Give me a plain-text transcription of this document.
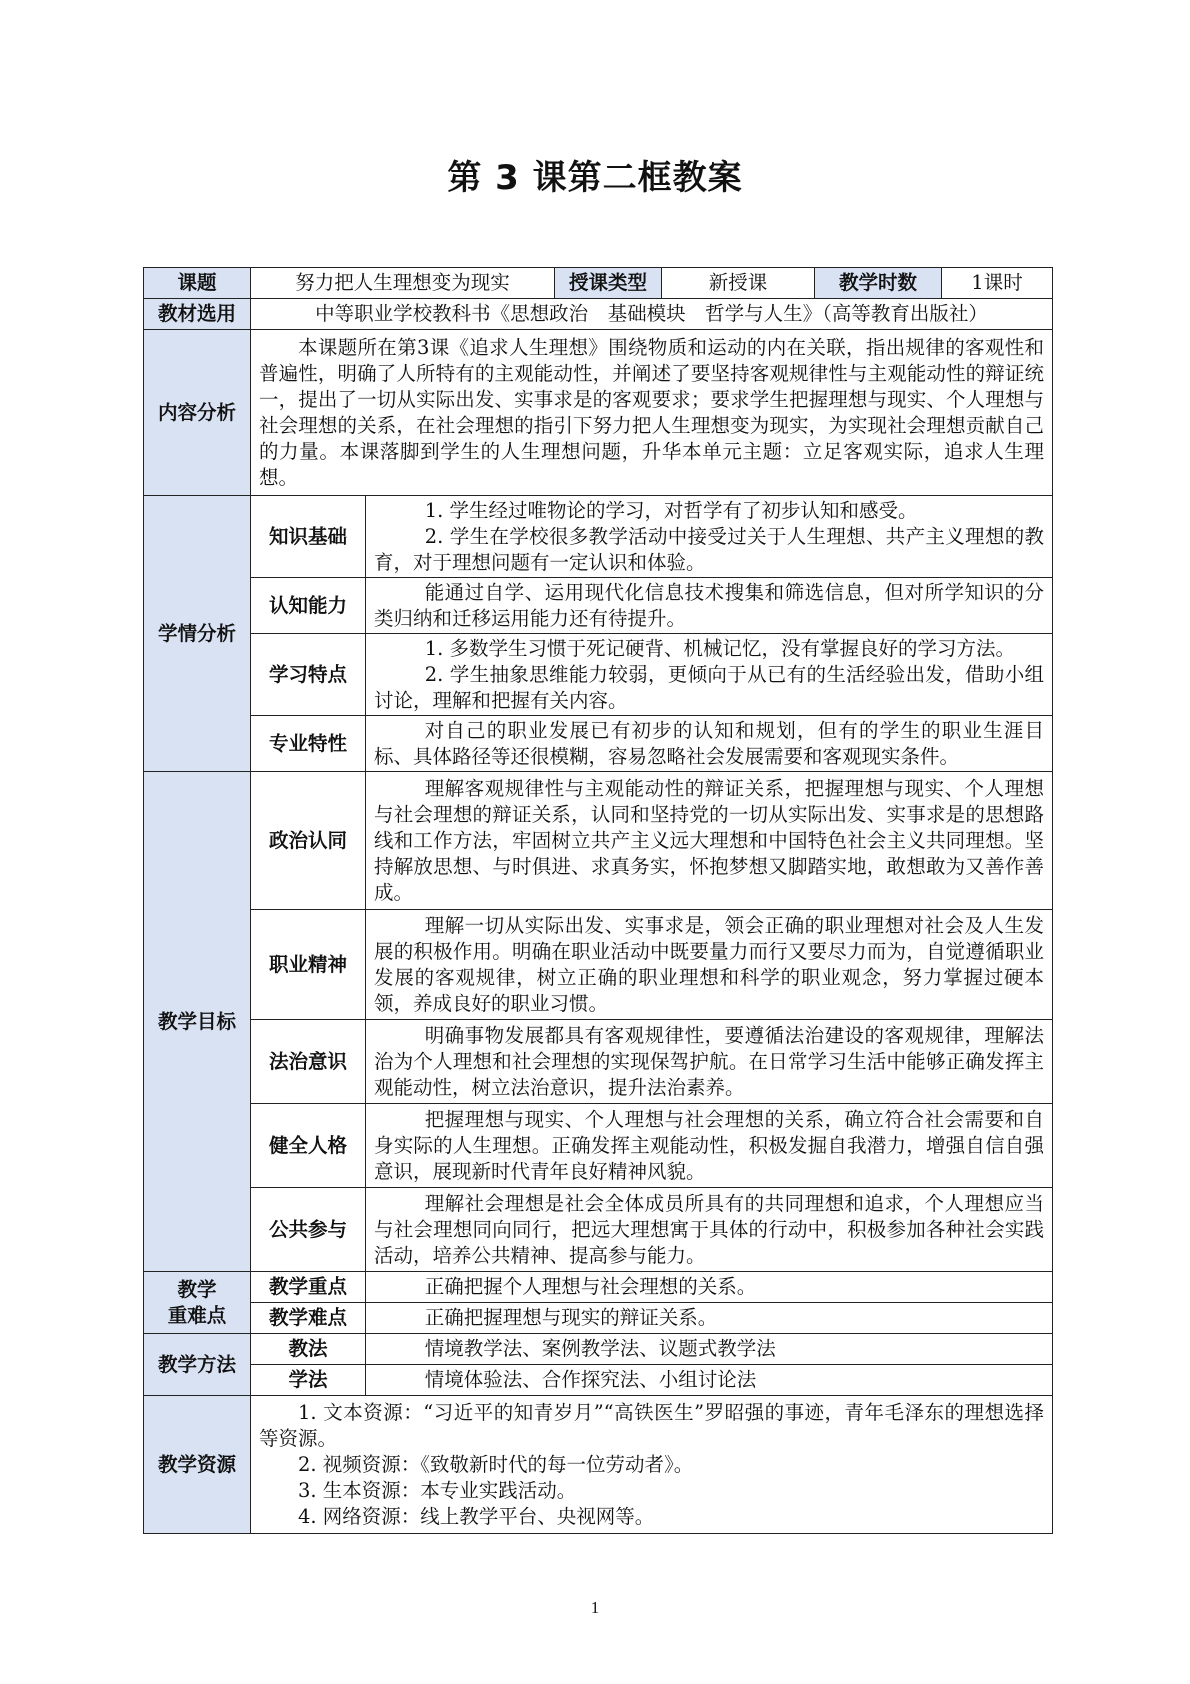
第 3 课第二框教案
课题	努力把人生理想变为现实		授课类型	新授课	教学时数	1课时
教材选用	中等职业学校教科书《思想政治　基础模块　哲学与人生》（高等教育出版社）					
内容分析	本课题所在第3课《追求人生理想》围绕物质和运动的内在关联，指出规律的客观性和普遍性，明确了人所特有的主观能动性，并阐述了要坚持客观规律性与主观能动性的辩证统一，提出了一切从实际出发、实事求是的客观要求；要求学生把握理想与现实、个人理想与社会理想的关系，在社会理想的指引下努力把人生理想变为现实，为实现社会理想贡献自己的力量。本课落脚到学生的人生理想问题，升华本单元主题：立足客观实际，追求人生理想。					

学情分析	知识基础	1. 学生经过唯物论的学习，对哲学有了初步认知和感受。

2. 学生在学校很多教学活动中接受过关于人生理想、共产主义理想的教育，对于理想问题有一定认识和体验。				

	认知能力	能通过自学、运用现代化信息技术搜集和筛选信息，但对所学知识的分类归纳和迁移运用能力还有待提升。				

	学习特点	1. 多数学生习惯于死记硬背、机械记忆，没有掌握良好的学习方法。

2. 学生抽象思维能力较弱，更倾向于从已有的生活经验出发，借助小组讨论，理解和把握有关内容。				

	专业特性	对自己的职业发展已有初步的认知和规划，但有的学生的职业生涯目标、具体路径等还很模糊，容易忽略社会发展需要和客观现实条件。				

教学目标	政治认同	理解客观规律性与主观能动性的辩证关系，把握理想与现实、个人理想与社会理想的辩证关系，认同和坚持党的一切从实际出发、实事求是的思想路线和工作方法，牢固树立共产主义远大理想和中国特色社会主义共同理想。坚持解放思想、与时俱进、求真务实，怀抱梦想又脚踏实地，敢想敢为又善作善成。				

	职业精神	理解一切从实际出发、实事求是，领会正确的职业理想对社会及人生发展的积极作用。明确在职业活动中既要量力而行又要尽力而为，自觉遵循职业发展的客观规律，树立正确的职业理想和科学的职业观念，努力掌握过硬本领，养成良好的职业习惯。				

	法治意识	明确事物发展都具有客观规律性，要遵循法治建设的客观规律，理解法治为个人理想和社会理想的实现保驾护航。在日常学习生活中能够正确发挥主观能动性，树立法治意识，提升法治素养。				

	健全人格	把握理想与现实、个人理想与社会理想的关系，确立符合社会需要和自身实际的人生理想。正确发挥主观能动性，积极发掘自我潜力，增强自信自强意识，展现新时代青年良好精神风貌。				

	公共参与	理解社会理想是社会全体成员所具有的共同理想和追求，个人理想应当与社会理想同向同行，把远大理想寓于具体的行动中，积极参加各种社会实践活动，培养公共精神、提高参与能力。				

教学
重难点	教学重点	正确把握个人理想与社会理想的关系。				

	教学难点	正确把握理想与现实的辩证关系。				

教学方法	教法	情境教学法、案例教学法、议题式教学法				

	学法	情境体验法、合作探究法、小组讨论法				

教学资源	1. 文本资源：“习近平的知青岁月”“高铁医生”罗昭强的事迹，青年毛泽东的理想选择等资源。

2. 视频资源：《致敬新时代的每一位劳动者》。

3. 生本资源：本专业实践活动。

4. 网络资源：线上教学平台、央视网等。					

1
